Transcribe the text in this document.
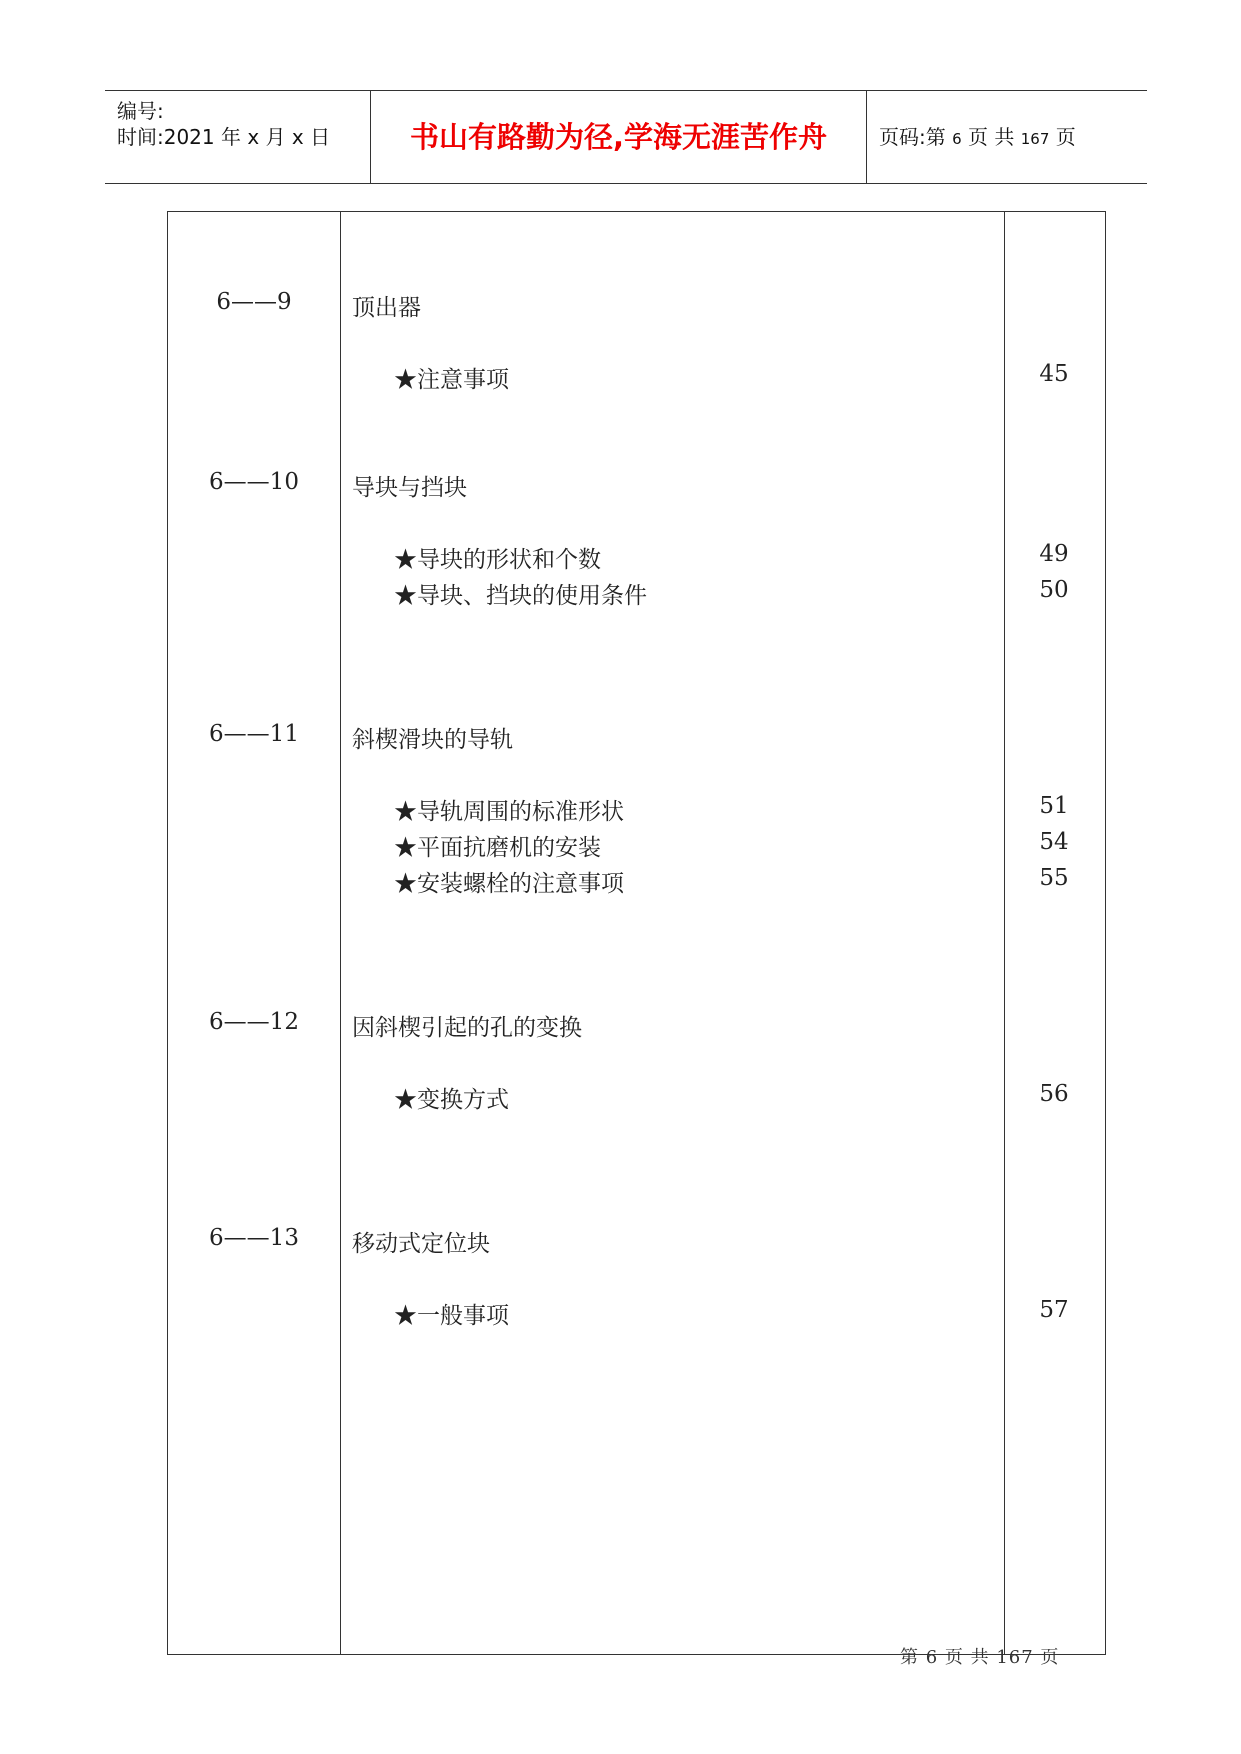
编号:
时间:2021 年 x 月 x 日	书山有路勤为径,学海无涯苦作舟	页码:第 6 页 共 167 页
6——9	顶出器
★注意事项	45
6——10	导块与挡块
★导块的形状和个数	49
★导块、挡块的使用条件	50
6——11	斜楔滑块的导轨
★导轨周围的标准形状	51
★平面抗磨机的安装	54
★安装螺栓的注意事项	55
6——12	因斜楔引起的孔的变换
★变换方式	56
6——13	移动式定位块
★一般事项	57
第 6 页 共 167 页
